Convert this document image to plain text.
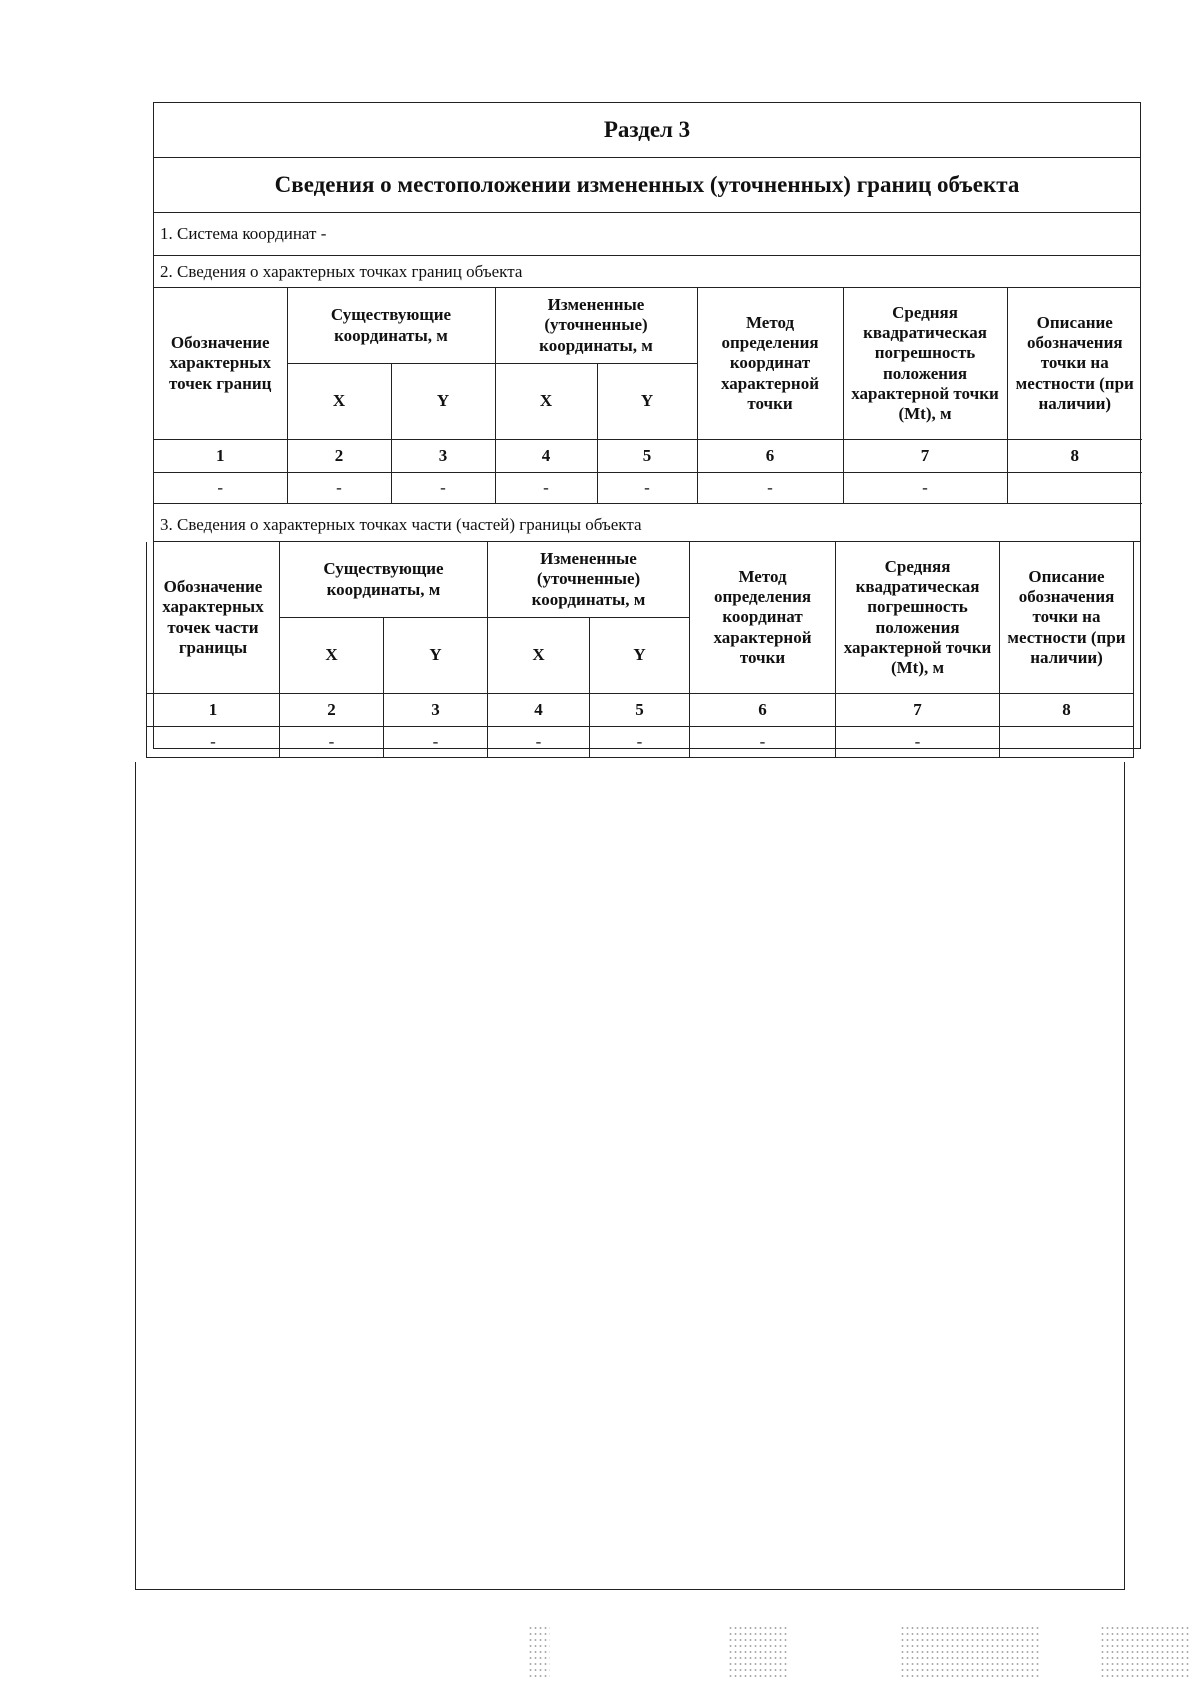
Раздел 3
Сведения о местоположении измененных (уточненных) границ объекта
1. Система координат -
2. Сведения о характерных точках границ объекта
Обозначение характерных точек границ	Существующие координаты, м		Измененные (уточненные) координаты, м		Метод определения координат характерной точки	Средняя квадратическая погрешность положения характерной точки (Mt), м	Описание обозначения точки на местности (при наличии)
	X	Y	X	Y			
1	2	3	4	5	6	7	8
-	-	-	-	-	-	-	
3. Сведения о характерных точках части (частей) границы объекта
Обозначение характерных точек части границы	Существующие координаты, м		Измененные (уточненные) координаты, м		Метод определения координат характерной точки	Средняя квадратическая погрешность положения характерной точки (Mt), м	Описание обозначения точки на местности (при наличии)
	X	Y	X	Y			
1	2	3	4	5	6	7	8
-	-	-	-	-	-	-	
